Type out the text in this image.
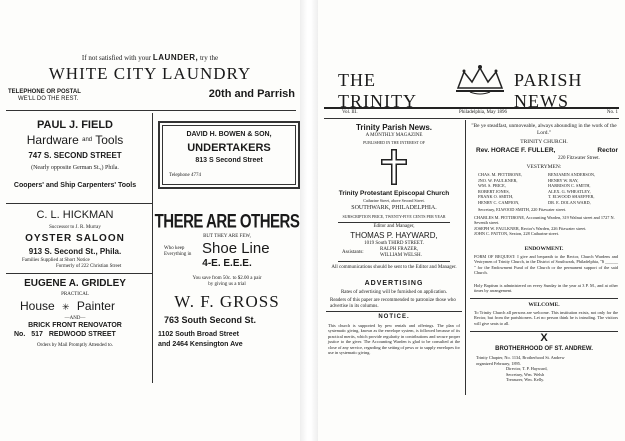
If not satisfied with your LAUNDER, try the
WHITE CITY LAUNDRY
TELEPHONE OR POSTAL
WE'LL DO THE REST.	20th and Parrish
PAUL J. FIELD
Hardware $^{and}$ Tools
747 S. SECOND STREET
(Nearly opposite German St.,) Phila.
Coopers' and Ship Carpenters' Tools
DAVID H. BOWEN & SON,
UNDERTAKERS
813 S Second Street
Telephone 4774
C. L. HICKMAN
Successor to J. R. Murray
OYSTER SALOON
913 S. Second St., Phila.
Families Supplied at Short Notice
Formerly of 222 Christian Street
EUGENE A. GRIDLEY
PRACTICAL
House ✳ Painter
—AND—
BRICK FRONT RENOVATOR
No. 517 REDWOOD STREET
Orders by Mail Promptly Attended to.
THERE ARE OTHERS
BUT THEY ARE FEW,
Who keep
Everything in Shoe Line
4-E. E.E.E.
You save from 50c. to $2.00 a pair
by giving us a trial
W. F. GROSS
763 South Second St.
1102 South Broad Street
and 2464 Kensington Ave
THE TRINITY
PARISH NEWS
Vol. III.	Philadelphia, May 1896	No. 1
Trinity Parish News.
A MONTHLY MAGAZINE
PUBLISHED IN THE INTEREST OF
Trinity Protestant Episcopal Church
Catharine Street, above Second Street.
SOUTHWARK, PHILADELPHIA.
SUBSCRIPTION PRICE, TWENTY-FIVE CENTS PER YEAR
Editor and Manager,
THOMAS P. HAYWARD,
1019 South THIRD STREET.
Assistants:
RALPH FRAZER,
WILLIAM WELSH.
All communications should be sent to the Editor and Manager.
ADVERTISING
Rates of advertising will be furnished on application.
Readers of this paper are recommended to patronize those who advertise in its columns.
NOTICE.
This church is supported by pew rentals and offerings. The plan of systematic giving, known as the envelope system, is followed because of its practical merits, which provide regularity in contributions and secure proper justice to the giver. The Accounting Warden is glad to be consulted at the close of any service, regarding the setting of pews or to supply envelopes for use in systematic giving.
"Be ye steadfast, unmoveable, always abounding in the work of the Lord."
TRINITY CHURCH.
Rev. HORACE F. FULLER,	Rector
220 Fitzwater Street.
VESTRYMEN:
CHAS. M. PETTIBONE,	BENJAMIN ANDERSON,
JNO. W. FAULKNER,	HENRY W. RAY,
WM. S. PRICE,	HARRISON C. SMITH,
ROBERT JONES,	ALEX. G. WHEATLEY,
FRANK O. SMITH,	T. ELWOOD SHAEFFER,
HENRY C. CAMPION,	DR. E. DOLAN WARD,
Secretary, ELWOOD SMITH, 220 Fitzwater street.
CHARLES M. PETTIBONE, Accounting Warden, 319 Walnut street and 1727 N. Seventh street.
JOSEPH W. FAULKNER, Rector's Warden, 226 Fitzwater street.
JOHN C. PATTON, Sexton, 228 Catharine street.
ENDOWMENT.
FORM OF BEQUEST: I give and bequeath to the Rector, Church Wardens and Vestrymen of Trinity Church, in the District of Southwark, Philadelphia, "$ ______ " for the Endowment Fund of the Church or the permanent support of the said Church.
Holy Baptism is administered on every Sunday in the year at 3 P. M., and at other times by arrangement.
WELCOME.
To Trinity Church all persons are welcome. This institution exists, not only for the Rector, but from the parishioners. Let no person think he is intruding. The visitors will give seats to all.
X
BROTHERHOOD OF ST. ANDREW.
Trinity Chapter, No. 1134, Brotherhood St. Andrew
organized February, 1895.
Director, T. P. Hayward,
Secretary, Wm. Welsh
Treasurer, Wm. Kelly.
